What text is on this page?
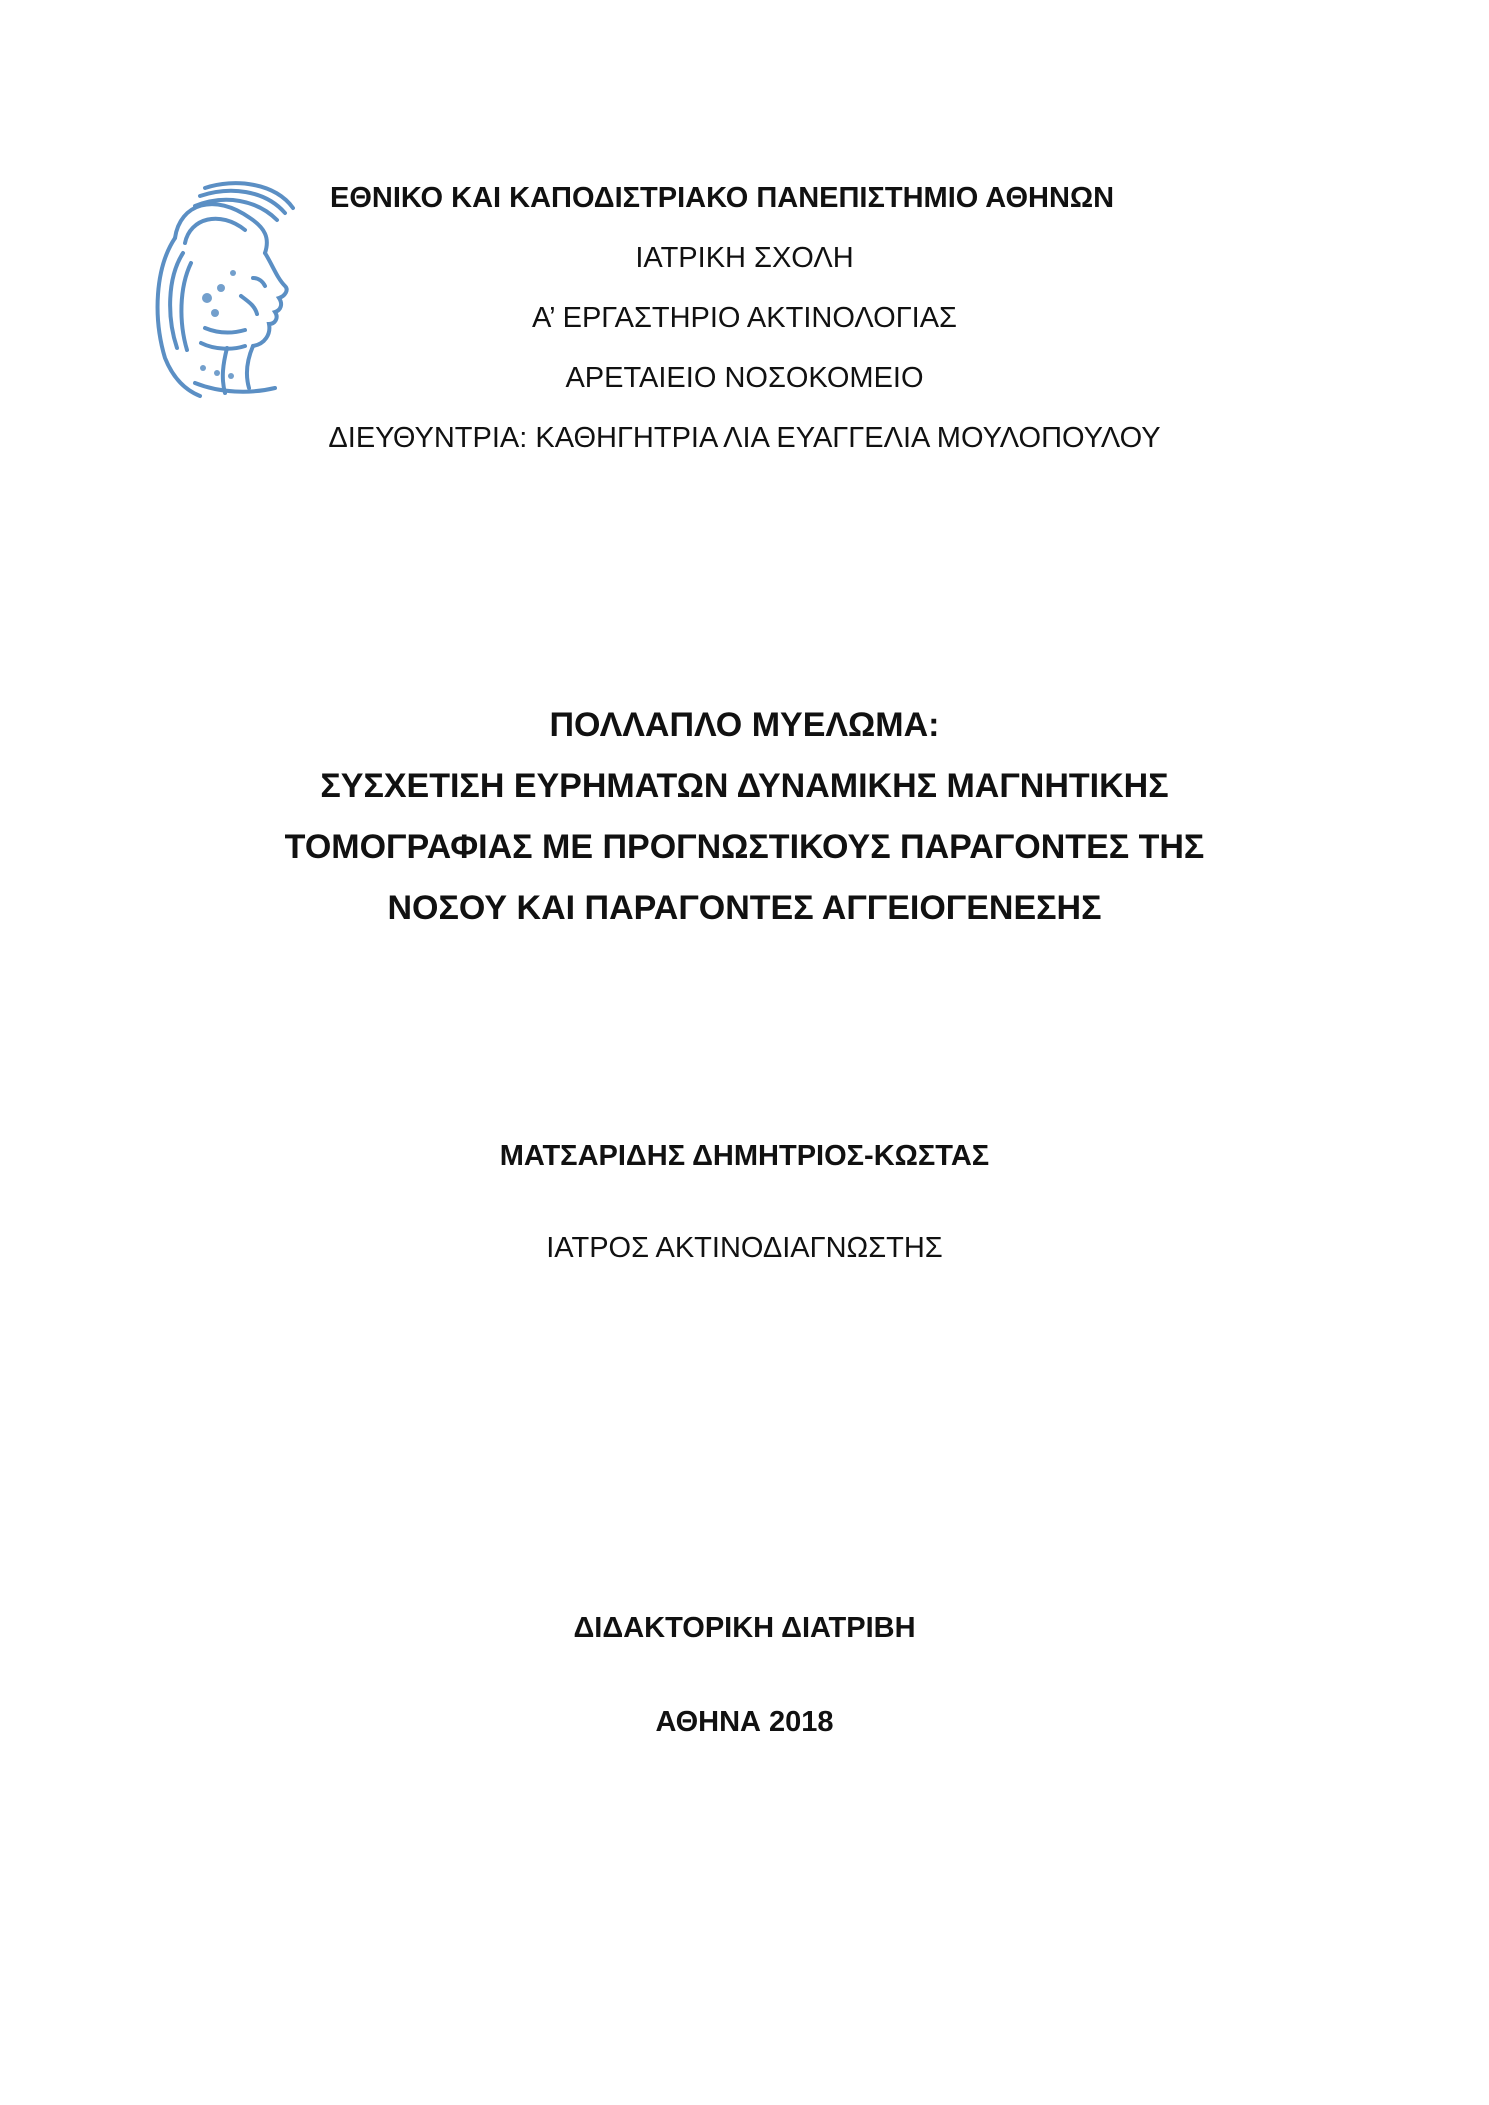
ΕΘΝΙΚΟ ΚΑΙ ΚΑΠΟΔΙΣΤΡΙΑΚΟ ΠΑΝΕΠΙΣΤΗΜΙΟ ΑΘΗΝΩΝ
ΙΑΤΡΙΚΗ ΣΧΟΛΗ
Α’ ΕΡΓΑΣΤΗΡΙΟ ΑΚΤΙΝΟΛΟΓΙΑΣ
ΑΡΕΤΑΙΕΙΟ ΝΟΣΟΚΟΜΕΙΟ
ΔΙΕΥΘΥΝΤΡΙΑ: ΚΑΘΗΓΗΤΡΙΑ ΛΙΑ ΕΥΑΓΓΕΛΙΑ ΜΟΥΛΟΠΟΥΛΟΥ
ΠΟΛΛΑΠΛΟ ΜΥΕΛΩΜΑ:
ΣΥΣΧΕΤΙΣΗ ΕΥΡΗΜΑΤΩΝ ΔΥΝΑΜΙΚΗΣ ΜΑΓΝΗΤΙΚΗΣ
ΤΟΜΟΓΡΑΦΙΑΣ ΜΕ ΠΡΟΓΝΩΣΤΙΚΟΥΣ ΠΑΡΑΓΟΝΤΕΣ ΤΗΣ
ΝΟΣΟΥ ΚΑΙ ΠΑΡΑΓΟΝΤΕΣ ΑΓΓΕΙΟΓΕΝΕΣΗΣ
ΜΑΤΣΑΡΙΔΗΣ ΔΗΜΗΤΡΙΟΣ-ΚΩΣΤΑΣ
ΙΑΤΡΟΣ ΑΚΤΙΝΟΔΙΑΓΝΩΣΤΗΣ
ΔΙΔΑΚΤΟΡΙΚΗ ΔΙΑΤΡΙΒΗ
ΑΘΗΝΑ 2018
